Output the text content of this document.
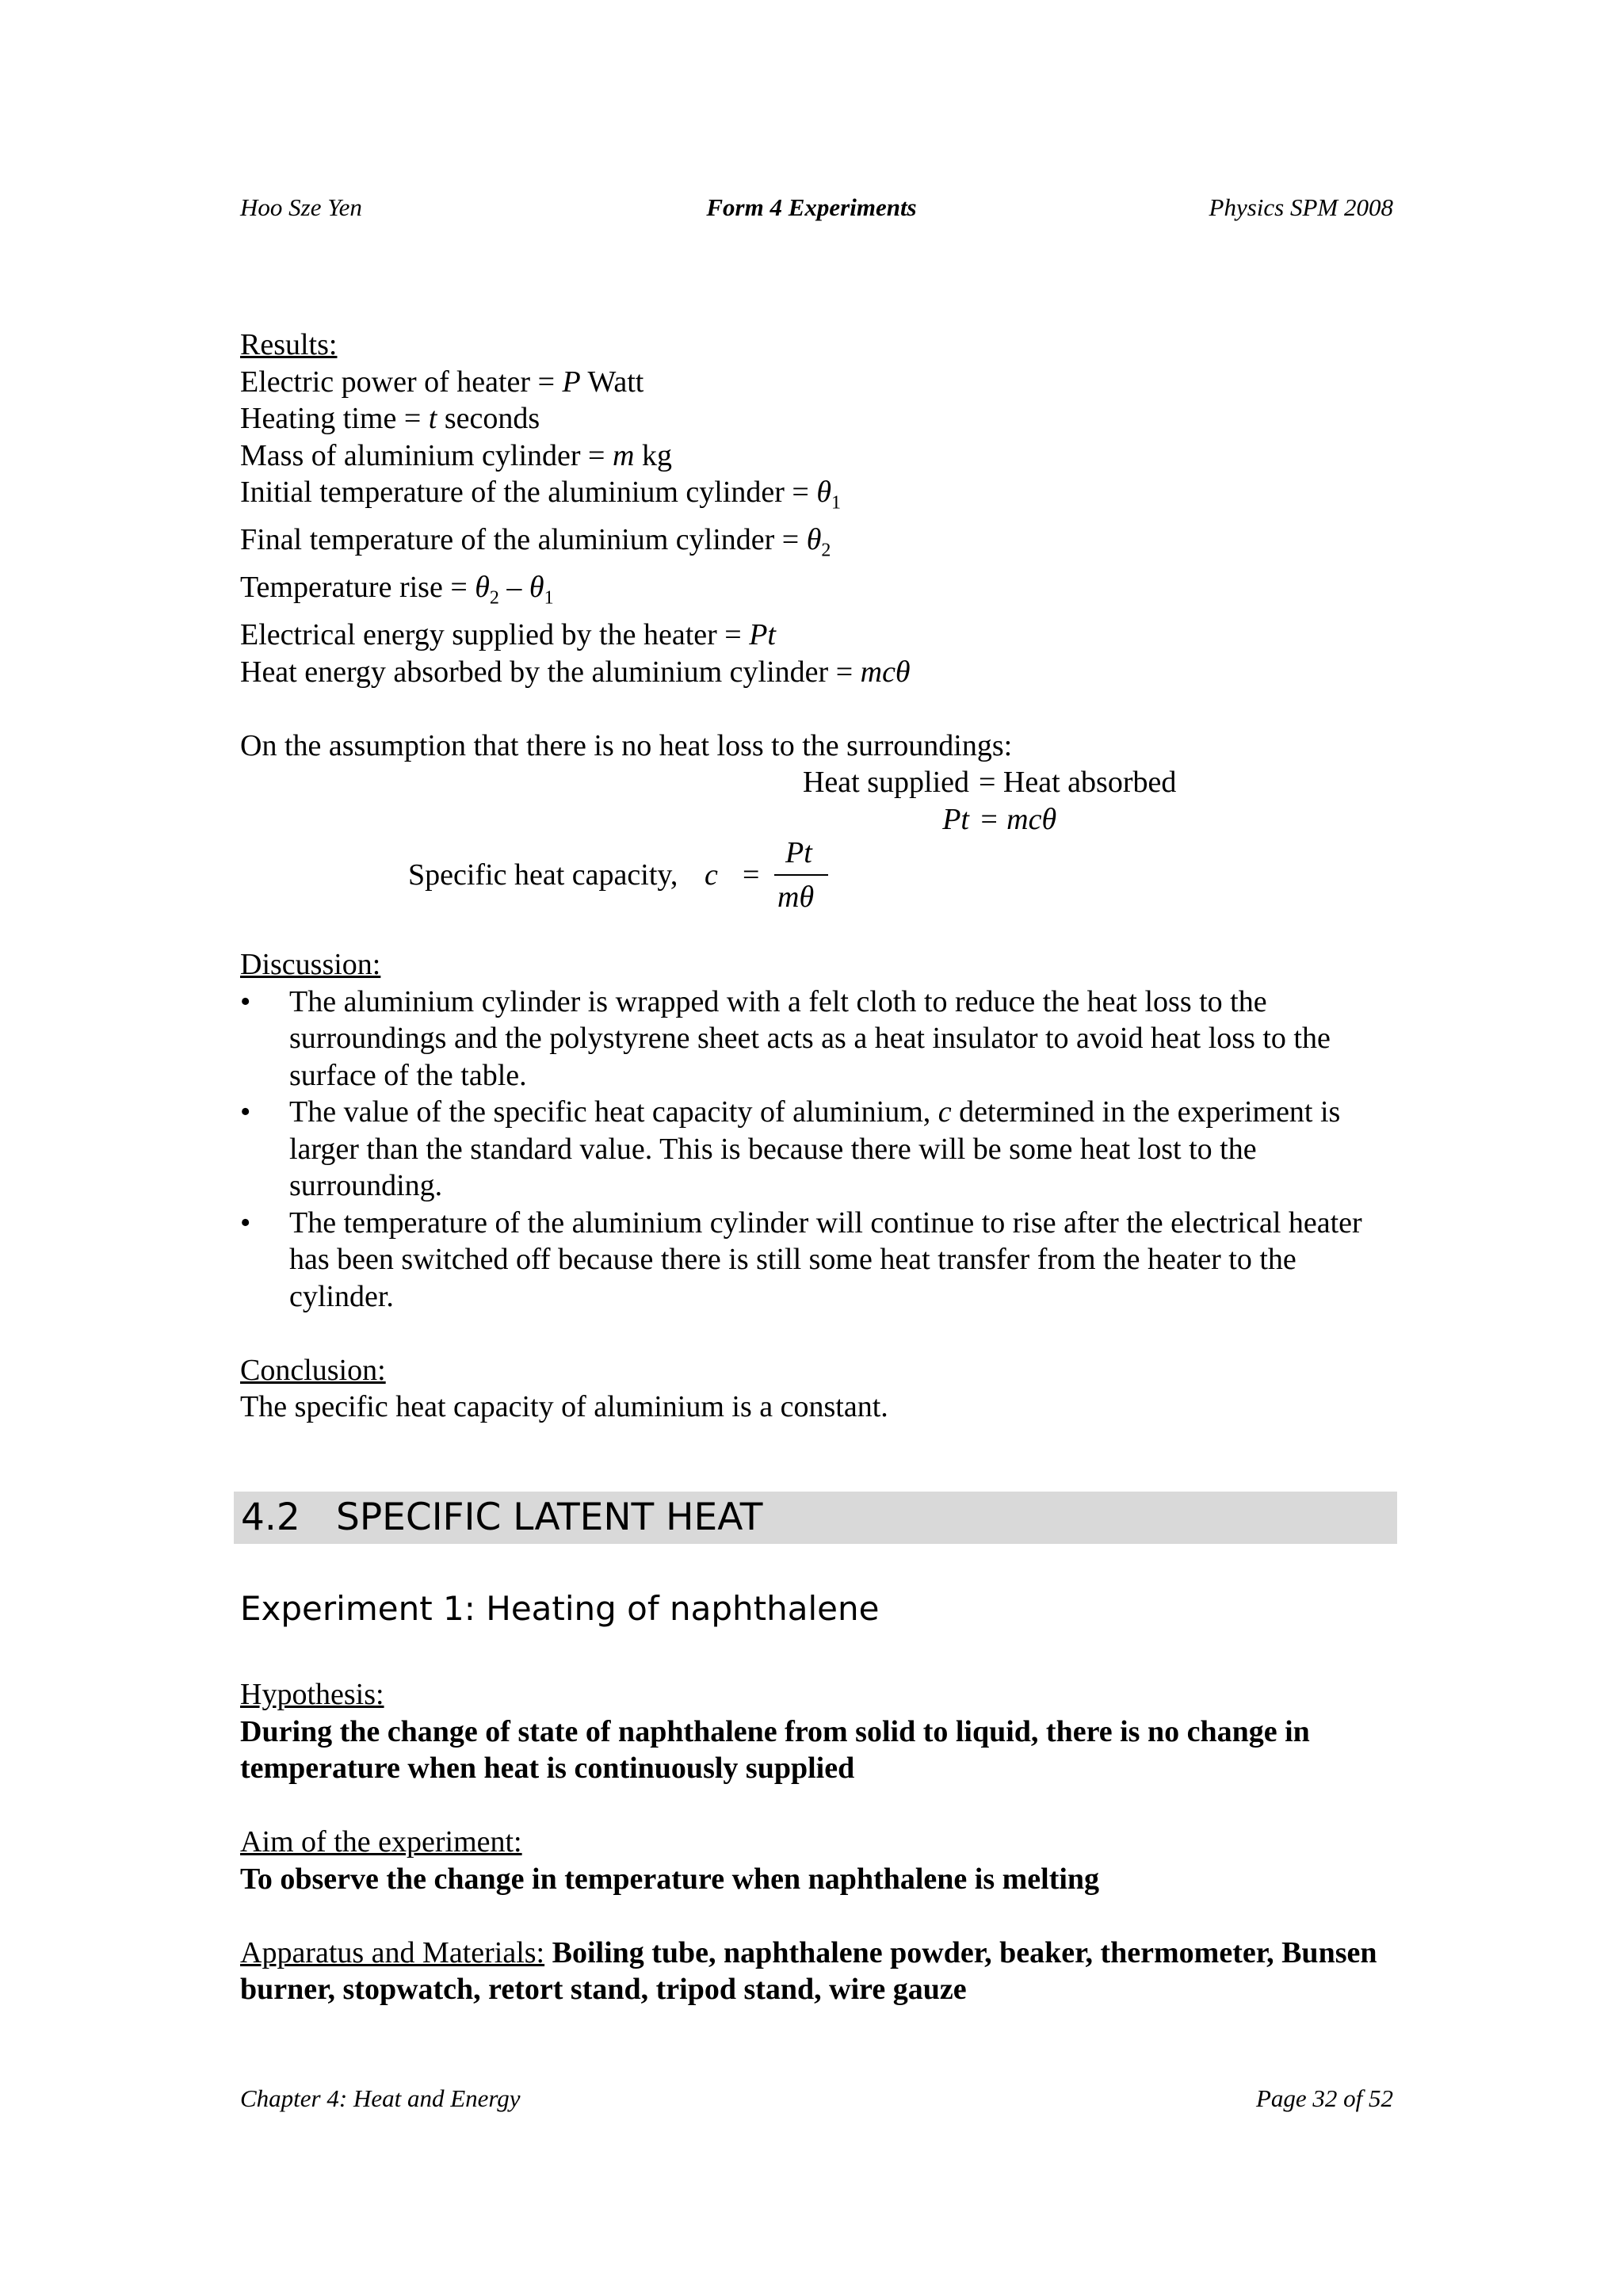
Hoo Sze Yen	Form 4 Experiments	Physics SPM 2008

Results:

Electric power of heater = P Watt

Heating time = t seconds

Mass of aluminium cylinder = m kg

Initial temperature of the aluminium cylinder = $\theta_1$

Final temperature of the aluminium cylinder = $\theta_2$

Temperature rise = $\theta_2 - \theta_1$

Electrical energy supplied by the heater = Pt

Heat energy absorbed by the aluminium cylinder = mcθ

On the assumption that there is no heat loss to the surroundings:

Heat supplied = Heat absorbed
Pt = mcθ
Specific heat capacity, c =
Pt
mθ

Discussion:

• The aluminium cylinder is wrapped with a felt cloth to reduce the heat loss to the surroundings and the polystyrene sheet acts as a heat insulator to avoid heat loss to the surface of the table.
• The value of the specific heat capacity of aluminium, c determined in the experiment is larger than the standard value. This is because there will be some heat lost to the surrounding.
• The temperature of the aluminium cylinder will continue to rise after the electrical heater has been switched off because there is still some heat transfer from the heater to the cylinder.

Conclusion:

The specific heat capacity of aluminium is a constant.

4.2 SPECIFIC LATENT HEAT
Experiment 1: Heating of naphthalene

Hypothesis:

During the change of state of naphthalene from solid to liquid, there is no change in temperature when heat is continuously supplied

Aim of the experiment:

To observe the change in temperature when naphthalene is melting

Apparatus and Materials: Boiling tube, naphthalene powder, beaker, thermometer, Bunsen burner, stopwatch, retort stand, tripod stand, wire gauze

Chapter 4: Heat and Energy	Page 32 of 52
